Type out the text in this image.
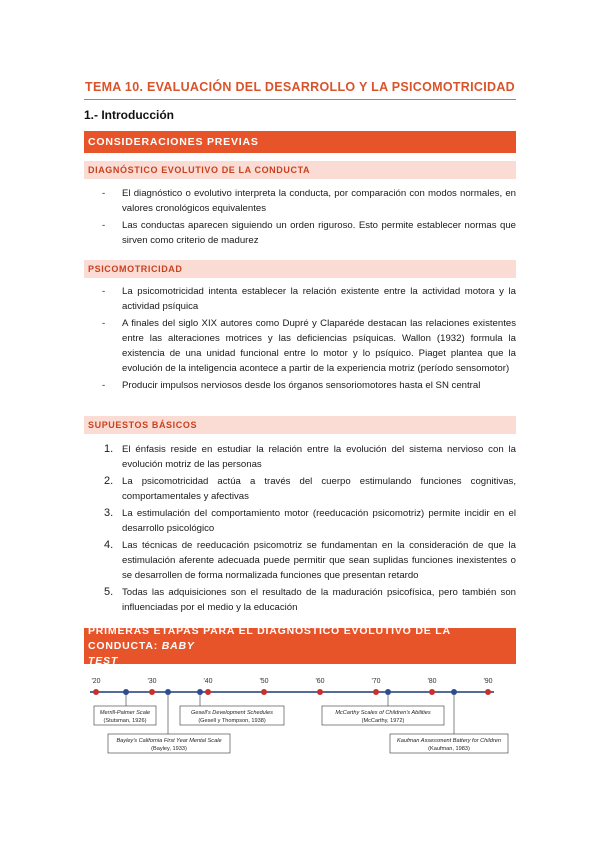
TEMA 10. EVALUACIÓN DEL DESARROLLO Y LA PSICOMOTRICIDAD
1.- Introducción
CONSIDERACIONES PREVIAS
DIAGNÓSTICO EVOLUTIVO DE LA CONDUCTA
- El diagnóstico o evolutivo interpreta la conducta, por comparación con modos normales, en valores cronológicos equivalentes
- Las conductas aparecen siguiendo un orden riguroso. Esto permite establecer normas que sirven como criterio de madurez
PSICOMOTRICIDAD
- La psicomotricidad intenta establecer la relación existente entre la actividad motora y la actividad psíquica
- A finales del siglo XIX autores como Dupré y Claparéde destacan las relaciones existentes entre las alteraciones motrices y las deficiencias psíquicas. Wallon (1932) formula la existencia de una unidad funcional entre lo motor y lo psíquico. Piaget plantea que la evolución de la inteligencia acontece a partir de la experiencia motriz (período sensomotor)
- Producir impulsos nerviosos desde los órganos sensoriomotores hasta el SN central
SUPUESTOS BÁSICOS
1. El énfasis reside en estudiar la relación entre la evolución del sistema nervioso con la evolución motriz de las personas
2. La psicomotricidad actúa a través del cuerpo estimulando funciones cognitivas, comportamentales y afectivas
3. La estimulación del comportamiento motor (reeducación psicomotriz) permite incidir en el desarrollo psicológico
4. Las técnicas de reeducación psicomotriz se fundamentan en la consideración de que la estimulación aferente adecuada puede permitir que sean suplidas funciones inexistentes o se desarrollen de forma normalizada funciones que presentan retardo
5. Todas las adquisiciones son el resultado de la maduración psicofísica, pero también son influenciadas por el medio y la educación
PRIMERAS ETAPAS PARA EL DIAGNÓSTICO EVOLUTIVO DE LA CONDUCTA: BABY
TEST
'20	'30	'40	'50	'60	'70	'80	'90
Merrill-Palmer Scale
(Stutsman, 1926)
Gesell's Development Schedules
(Gesell y Thompson, 1938)
McCarthy Scales of Children's Abilities
(McCarthy, 1972)
Bayley's California First Year Mental Scale
(Bayley, 1933)
Kaufman Assessment Battery for Children
(Kaufman, 1983)
